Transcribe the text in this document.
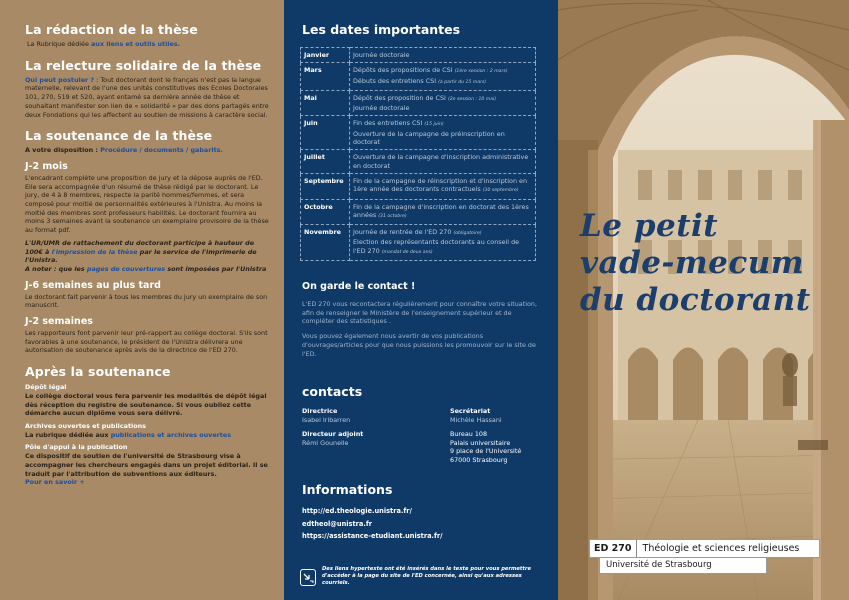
La rédaction de la thèse

La Rubrique dédiée aux liens et outils utiles.

La relecture solidaire de la thèse

Qui peut postuler ? : Tout doctorant dont le français n'est pas la langue maternelle, relevant de l'une des unités constitutives des Ecoles Doctorales 101, 270, 519 et 520, ayant entamé sa dernière année de thèse et souhaitant manifester son lien de « solidarité » par des dons partagés entre deux Fondations qui les affectent au soutien de missions à caractère social.

La soutenance de la thèse

A votre disposition : Procédure / documents / gabarits.

J-2 mois

L'encadrant complète une proposition de jury et la dépose auprès de l'ED. Elle sera accompagnée d'un résumé de thèse rédigé par le doctorant. Le jury, de 4 à 8 membres, respecte la parité hommes/femmes, et sera composé pour moitié de personnalités extérieures à l'Unistra. Au moins la moitié des membres sont professeurs habilités. Le doctorant fournira au moins 3 semaines avant la soutenance un exemplaire provisoire de la thèse au format pdf.

L'UR/UMR de rattachement du doctorant participe à hauteur de 100€ à l'impression de la thèse par le service de l'imprimerie de l'Unistra.
A noter : que les pages de couvertures sont imposées par l'Unistra

J-6 semaines au plus tard

Le doctorant fait parvenir à tous les membres du jury un exemplaire de son manuscrit.

J-2 semaines

Les rapporteurs font parvenir leur pré-rapport au collège doctoral. S'ils sont favorables à une soutenance, le président de l'Unistra délivrera une autorisation de soutenance après avis de la directrice de l'ED 270.

Après la soutenance

Dépôt légal

Le collège doctoral vous fera parvenir les modalités de dépôt légal dès réception du registre de soutenance. Si vous oubliez cette démarche aucun diplôme vous sera délivré.

Archives ouvertes et publications

La rubrique dédiée aux publications et archives ouvertes

Pôle d'appui à la publication

Ce dispositif de soutien de l'université de Strasbourg vise à accompagner les chercheurs engagés dans un projet éditorial. Il se traduit par l'attribution de subventions aux éditeurs.

Pour en savoir +

Les dates importantes
Janvier	Journée doctorale

Mars	Dépôts des propositions de CSI (1ère session : 2 mars)
Débuts des entretiens CSI (à partir du 15 mars)

Mai	Dépôt des proposition de CSI (2e session : 10 mai)
Journée doctorale

Juin	Fin des entretiens CSI (15 juin)
Ouverture de la campagne de préinscription en doctorat

Juillet	Ouverture de la campagne d'inscription administrative en doctorat

Septembre	Fin de la campagne de réinscription et d'inscription en 1ère année des doctorants contractuels (30 septembre)

Octobre	Fin de la campagne d'inscription en doctorat des 1ères années (31 octobre)

Novembre	Journée de rentrée de l'ED 270 (obligatoire)
Election des représentants doctorants au conseil de l'ED 270 (mandat de deux ans)
On garde le contact !

L'ED 270 vous recontactera régulièrement pour connaître votre situation, afin de renseigner le Ministère de l'enseignement supérieur et de compléter des statistiques .

Vous pouvez également nous avertir de vos publications d'ouvrages/articles pour que nous puissions les promouvoir sur le site de l'ED.

contacts
Directrice
Isabel Iribarren
Directeur adjoint
Rémi Gounelle
Secrétariat
Michèle Hassani
Bureau 108
Palais universitaire
9 place de l'Université
67000 Strasbourg
Informations
http://ed.theologie.unistra.fr/
edtheol@unistra.fr
https://assistance-etudiant.unistra.fr/
Des liens hypertexte ont été insérés dans le texte pour vous permettre d'accéder à la page du site de l'ED concernée, ainsi qu'aux adresses courriels.
Le petit
vade-mecum
du doctorant
ED 270	Théologie et sciences religieuses
Université de Strasbourg
